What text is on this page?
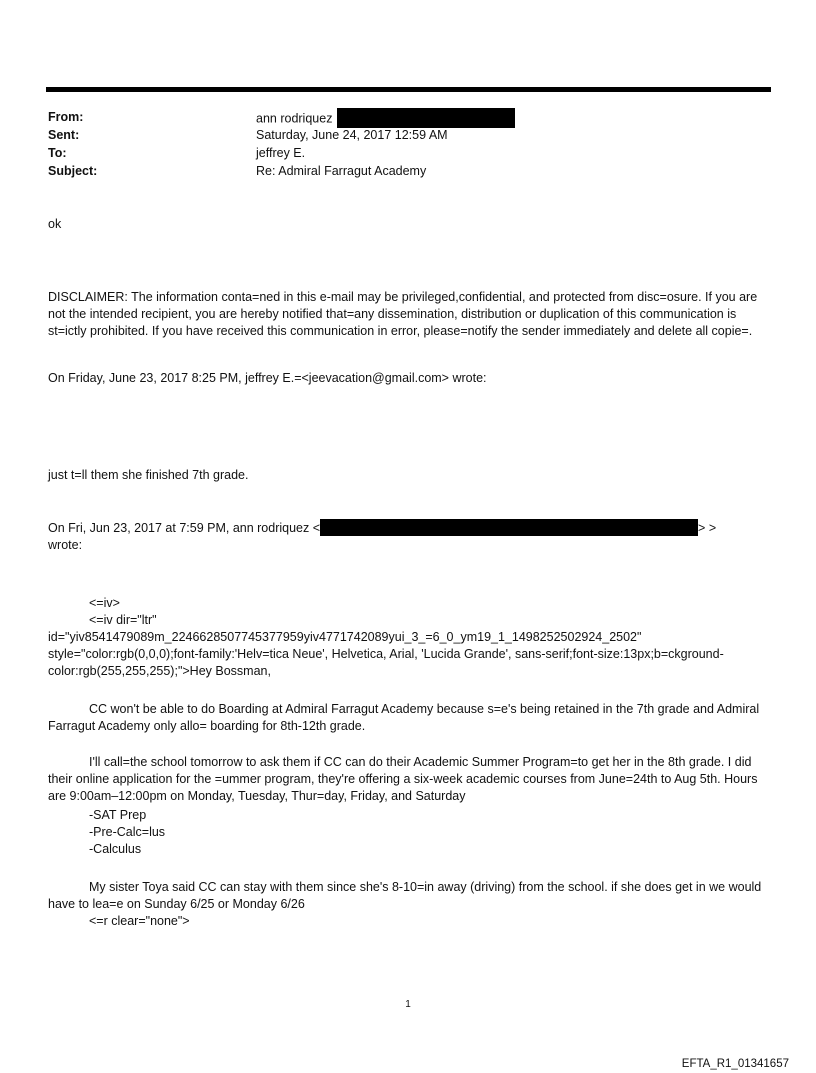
From:	ann rodriquez
Sent:	Saturday, June 24, 2017 12:59 AM
To:	jeffrey E.
Subject:	Re: Admiral Farragut Academy
ok
DISCLAIMER: The information conta=ned in this e-mail may be privileged,confidential, and protected from disc=osure. If you are not the intended recipient, you are hereby notified that=any dissemination, distribution or duplication of this communication is st=ictly prohibited. If you have received this communication in error, please=notify the sender immediately and delete all copie=.
On Friday, June 23, 2017 8:25 PM, jeffrey E.=<jeevacation@gmail.com> wrote:
just t=ll them she finished 7th grade.
On Fri, Jun 23, 2017 at 7:59 PM, ann rodriquez <	> >
wrote:
<=iv>
<=iv dir="ltr"
id="yiv8541479089m_2246628507745377959yiv4771742089yui_3_=6_0_ym19_1_1498252502924_2502" style="color:rgb(0,0,0);font-family:'Helv=tica Neue', Helvetica, Arial, 'Lucida Grande', sans-serif;font-size:13px;b=ckground-color:rgb(255,255,255);">Hey Bossman,
CC won't be able to do Boarding at Admiral Farragut Academy because s=e's being retained in the 7th grade and Admiral Farragut Academy only allo= boarding for 8th-12th grade.
I'll call=the school tomorrow to ask them if CC can do their Academic Summer Program=to get her in the 8th grade. I did their online application for the =ummer program, they're offering a six-week academic courses from June=24th to Aug 5th. Hours are 9:00am–12:00pm on Monday, Tuesday, Thur=day, Friday, and Saturday
-SAT Prep
-Pre-Calc=lus
-Calculus
My sister Toya said CC can stay with them since she's 8-10=in away (driving) from the school. if she does get in we would have to lea=e on Sunday 6/25 or Monday 6/26
<=r clear="none">
1
EFTA_R1_01341657
